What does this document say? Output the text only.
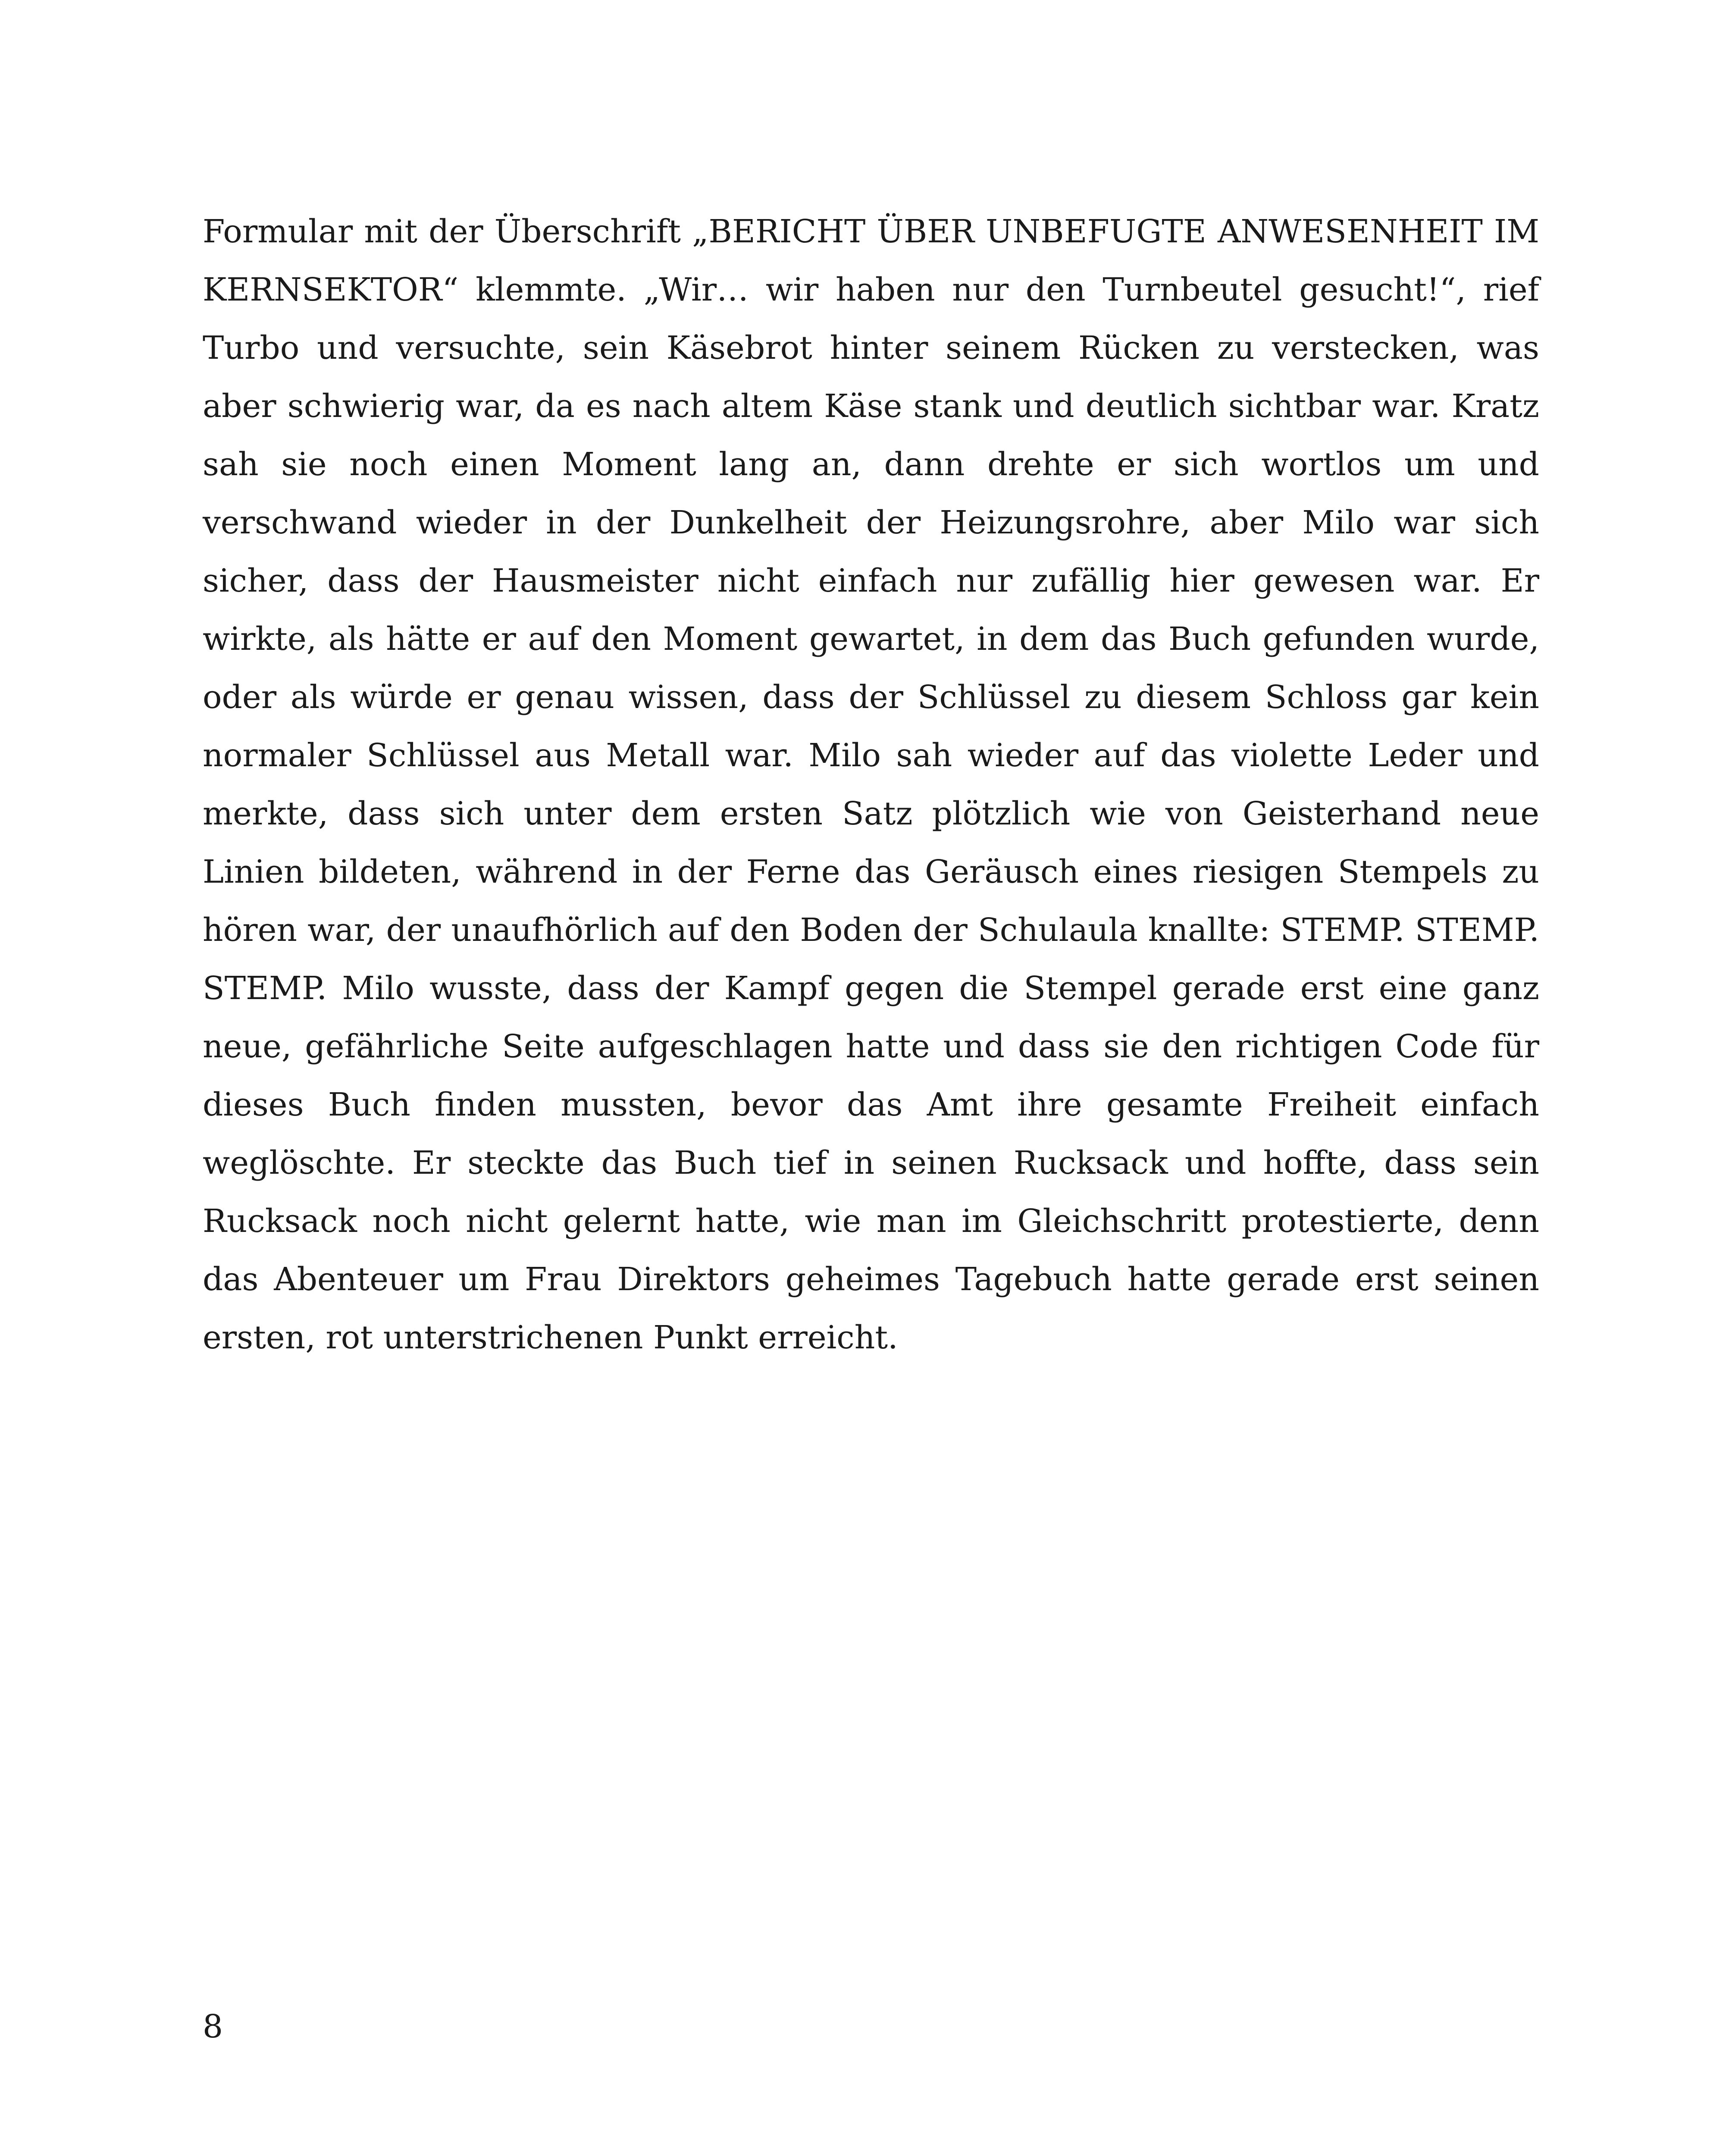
Formular mit der Überschrift „BERICHT ÜBER UNBEFUGTE ANWESENHEIT IM KERNSEKTOR“ klemmte. „Wir… wir haben nur den Turnbeutel gesucht!“, rief Turbo und versuchte, sein Käsebrot hinter seinem Rücken zu verstecken, was aber schwierig war, da es nach altem Käse stank und deutlich sichtbar war. Kratz sah sie noch einen Moment lang an, dann drehte er sich wortlos um und verschwand wieder in der Dunkelheit der Heizungsrohre, aber Milo war sich sicher, dass der Hausmeister nicht einfach nur zufällig hier gewesen war. Er wirkte, als hätte er auf den Moment gewartet, in dem das Buch gefunden wurde, oder als würde er genau wissen, dass der Schlüssel zu diesem Schloss gar kein normaler Schlüssel aus Metall war. Milo sah wieder auf das violette Leder und merkte, dass sich unter dem ersten Satz plötzlich wie von Geisterhand neue Linien bildeten, während in der Ferne das Geräusch eines riesigen Stempels zu hören war, der unaufhörlich auf den Boden der Schulaula knallte: STEMP. STEMP. STEMP. Milo wusste, dass der Kampf gegen die Stempel gerade erst eine ganz neue, gefährliche Seite aufgeschlagen hatte und dass sie den richtigen Code für dieses Buch finden mussten, bevor das Amt ihre gesamte Freiheit einfach weglöschte. Er steckte das Buch tief in seinen Rucksack und hoffte, dass sein Rucksack noch nicht gelernt hatte, wie man im Gleichschritt protestierte, denn das Abenteuer um Frau Direktors geheimes Tagebuch hatte gerade erst seinen ersten, rot unterstrichenen Punkt erreicht.

8
